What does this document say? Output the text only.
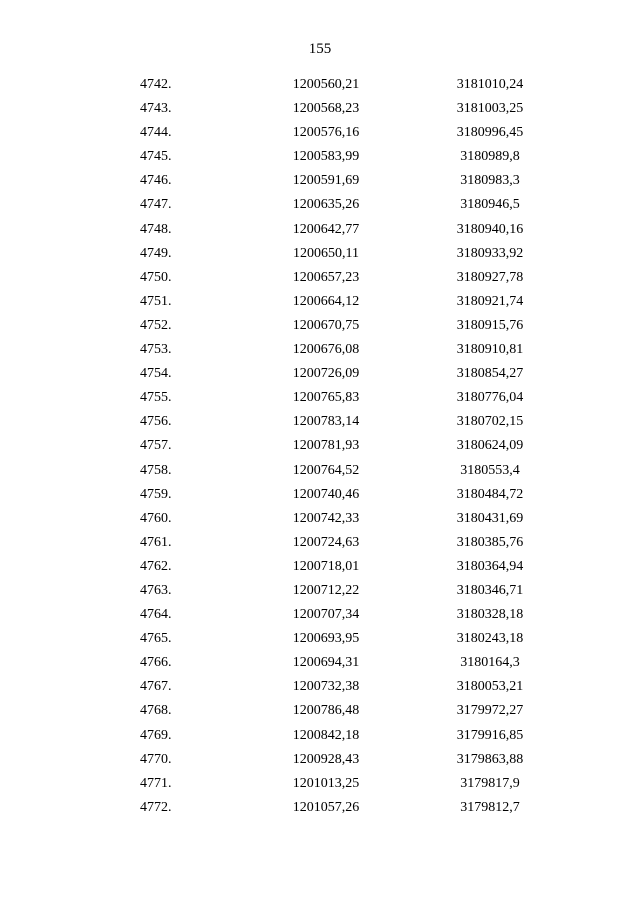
155
4742.	1200560,21	3181010,24
4743.	1200568,23	3181003,25
4744.	1200576,16	3180996,45
4745.	1200583,99	3180989,8
4746.	1200591,69	3180983,3
4747.	1200635,26	3180946,5
4748.	1200642,77	3180940,16
4749.	1200650,11	3180933,92
4750.	1200657,23	3180927,78
4751.	1200664,12	3180921,74
4752.	1200670,75	3180915,76
4753.	1200676,08	3180910,81
4754.	1200726,09	3180854,27
4755.	1200765,83	3180776,04
4756.	1200783,14	3180702,15
4757.	1200781,93	3180624,09
4758.	1200764,52	3180553,4
4759.	1200740,46	3180484,72
4760.	1200742,33	3180431,69
4761.	1200724,63	3180385,76
4762.	1200718,01	3180364,94
4763.	1200712,22	3180346,71
4764.	1200707,34	3180328,18
4765.	1200693,95	3180243,18
4766.	1200694,31	3180164,3
4767.	1200732,38	3180053,21
4768.	1200786,48	3179972,27
4769.	1200842,18	3179916,85
4770.	1200928,43	3179863,88
4771.	1201013,25	3179817,9
4772.	1201057,26	3179812,7
